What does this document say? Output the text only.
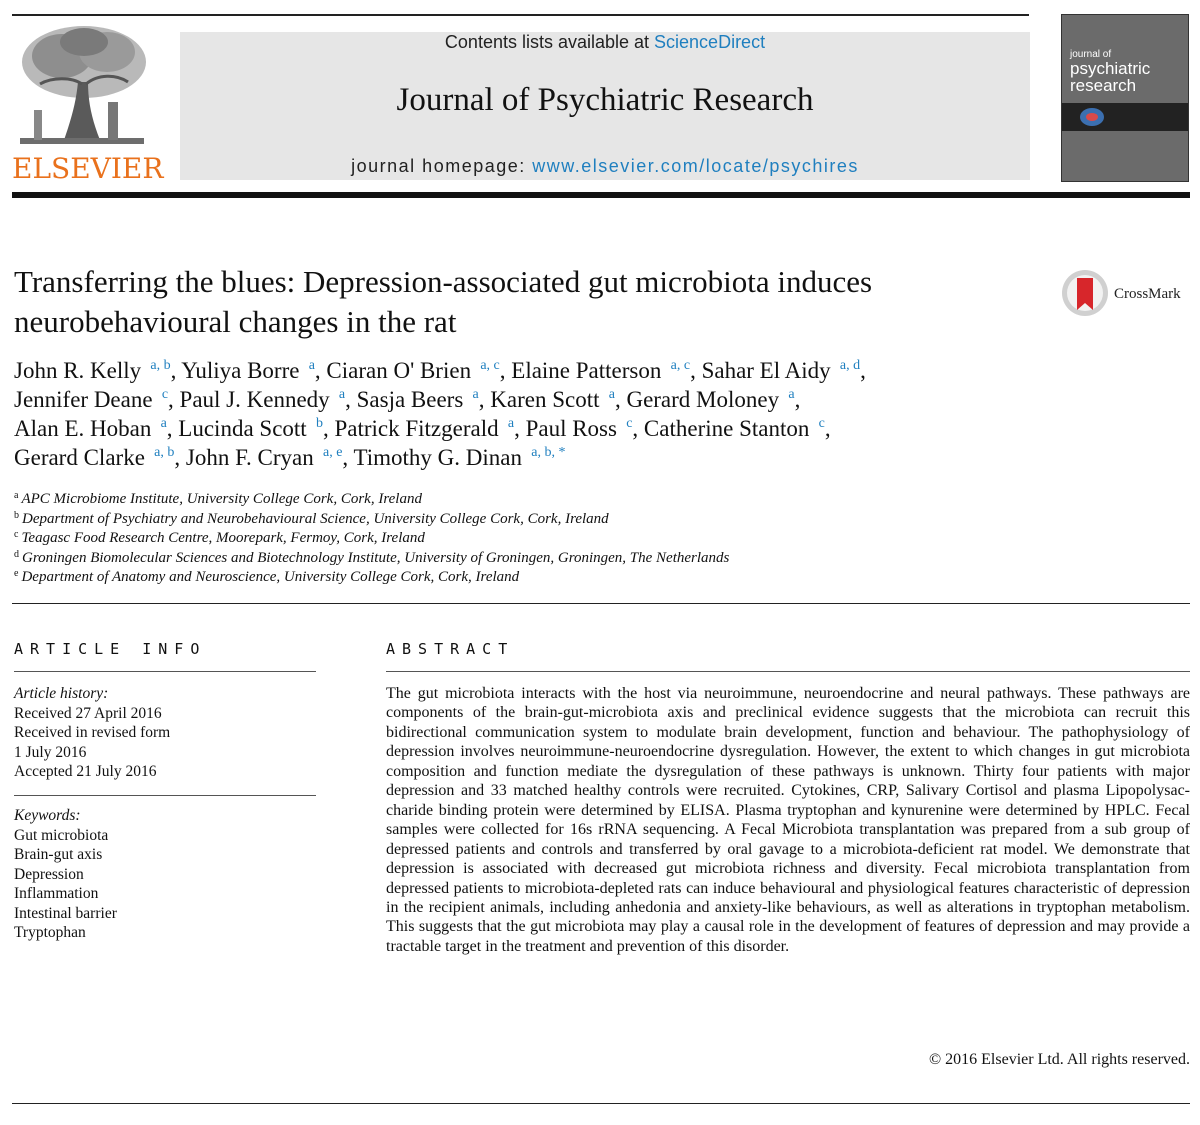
ELSEVIER
Contents lists available at ScienceDirect
Journal of Psychiatric Research
journal homepage: www.elsevier.com/locate/psychires
journal of
psychiatric
research
Transferring the blues: Depression-associated gut microbiota induces neurobehavioural changes in the rat
CrossMark
John R. Kelly  $^{a, b}$, Yuliya Borre  $^a$, Ciaran O' Brien  $^{a, c}$, Elaine Patterson  $^{a, c}$, Sahar El Aidy  $^{a, d}$,
Jennifer Deane  $^c$, Paul J. Kennedy  $^a$, Sasja Beers  $^a$, Karen Scott  $^a$, Gerard Moloney  $^a$,
Alan E. Hoban  $^a$, Lucinda Scott  $^b$, Patrick Fitzgerald  $^a$, Paul Ross  $^c$, Catherine Stanton  $^c$,
Gerard Clarke  $^{a, b}$, John F. Cryan  $^{a, e}$, Timothy G. Dinan  $^{a, b, *}$
$^a$ APC Microbiome Institute, University College Cork, Cork, Ireland
$^b$ Department of Psychiatry and Neurobehavioural Science, University College Cork, Cork, Ireland
$^c$ Teagasc Food Research Centre, Moorepark, Fermoy, Cork, Ireland
$^d$ Groningen Biomolecular Sciences and Biotechnology Institute, University of Groningen, Groningen, The Netherlands
$^e$ Department of Anatomy and Neuroscience, University College Cork, Cork, Ireland
ARTICLE INFO
Article history:
Received 27 April 2016
Received in revised form
1 July 2016
Accepted 21 July 2016
Keywords:
Gut microbiota
Brain-gut axis
Depression
Inflammation
Intestinal barrier
Tryptophan
ABSTRACT

The gut microbiota interacts with the host via neuroimmune, neuroendocrine and neural pathways. These pathways are components of the brain-gut-microbiota axis and preclinical evidence suggests that the microbiota can recruit this bidirectional communication system to modulate brain development, function and behaviour. The pathophysiology of depression involves neuroimmune-neuroendocrine dysregulation. However, the extent to which changes in gut microbiota composition and function mediate the dysregulation of these pathways is unknown. Thirty four patients with major depression and 33 matched healthy controls were recruited. Cytokines, CRP, Salivary Cortisol and plasma Lipopolysaccharide binding protein were determined by ELISA. Plasma tryptophan and kynurenine were determined by HPLC. Fecal samples were collected for 16s rRNA sequencing. A Fecal Microbiota transplantation was prepared from a sub group of depressed patients and controls and transferred by oral gavage to a microbiota-deficient rat model. We demonstrate that depression is associated with decreased gut microbiota richness and diversity. Fecal microbiota transplantation from depressed patients to microbiota-depleted rats can induce behavioural and physiological features characteristic of depression in the recipient animals, including anhedonia and anxiety-like behaviours, as well as alterations in tryptophan metabolism. This suggests that the gut microbiota may play a causal role in the development of features of depression and may provide a tractable target in the treatment and prevention of this disorder.

© 2016 Elsevier Ltd. All rights reserved.
